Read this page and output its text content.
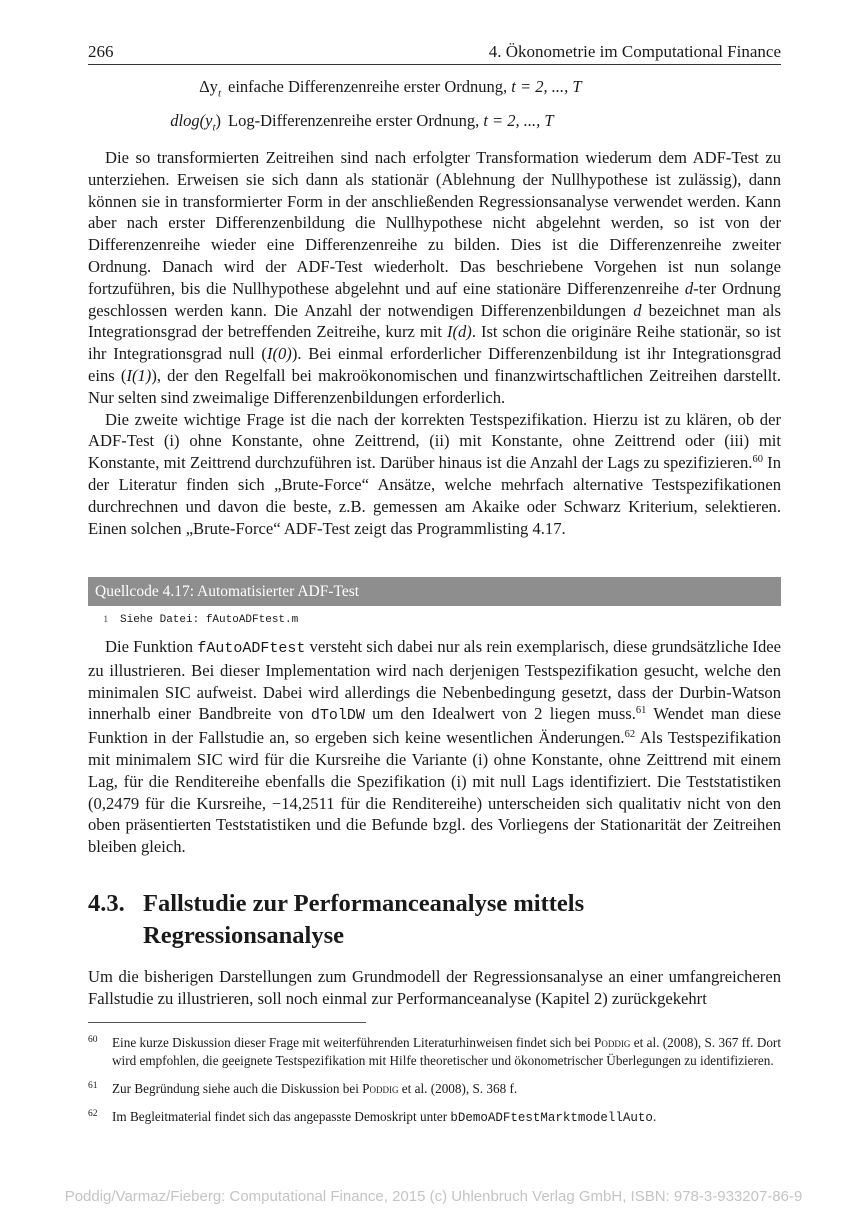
266	4. Ökonometrie im Computational Finance
$\Delta y_t$ einfache Differenzenreihe erster Ordnung, t = 2, ..., T
$dlog(y_t)$ Log-Differenzenreihe erster Ordnung, t = 2, ..., T

Die so transformierten Zeitreihen sind nach erfolgter Transformation wiederum dem ADF-Test zu unterziehen. Erweisen sie sich dann als stationär (Ablehnung der Nullhypothese ist zulässig), dann können sie in transformierter Form in der anschließenden Regressionsanalyse verwendet werden. Kann aber nach erster Differenzenbildung die Nullhypothese nicht abgelehnt werden, so ist von der Differenzenreihe wieder eine Differenzenreihe zu bilden. Dies ist die Differenzenreihe zweiter Ordnung. Danach wird der ADF-Test wiederholt. Das beschriebene Vorgehen ist nun solange fortzuführen, bis die Nullhypothese abgelehnt und auf eine stationäre Differenzenreihe d-ter Ordnung geschlossen werden kann. Die Anzahl der notwendigen Differenzenbildungen d bezeichnet man als Integrationsgrad der betreffenden Zeitreihe, kurz mit I(d). Ist schon die originäre Reihe stationär, so ist ihr Integrationsgrad null (I(0)). Bei einmal erforderlicher Differenzenbildung ist ihr Integrationsgrad eins (I(1)), der den Regelfall bei makroökonomischen und finanzwirtschaftlichen Zeitreihen darstellt. Nur selten sind zweimalige Differenzenbildungen erforderlich.

Die zweite wichtige Frage ist die nach der korrekten Testspezifikation. Hierzu ist zu klären, ob der ADF-Test (i) ohne Konstante, ohne Zeittrend, (ii) mit Konstante, ohne Zeittrend oder (iii) mit Konstante, mit Zeittrend durchzuführen ist. Darüber hinaus ist die Anzahl der Lags zu spezifizieren.$^{60}$ In der Literatur finden sich „Brute-Force“ Ansätze, welche mehrfach alternative Testspezifikationen durchrechnen und davon die beste, z.B. gemessen am Akaike oder Schwarz Kriterium, selektieren. Einen solchen „Brute-Force“ ADF-Test zeigt das Programmlisting 4.17.

Quellcode 4.17: Automatisierter ADF-Test
1 Siehe Datei: fAutoADFtest.m

Die Funktion fAutoADFtest versteht sich dabei nur als rein exemplarisch, diese grundsätzliche Idee zu illustrieren. Bei dieser Implementation wird nach derjenigen Testspezifikation gesucht, welche den minimalen SIC aufweist. Dabei wird allerdings die Nebenbedingung gesetzt, dass der Durbin-Watson innerhalb einer Bandbreite von dTolDW um den Idealwert von 2 liegen muss.$^{61}$ Wendet man diese Funktion in der Fallstudie an, so ergeben sich keine wesentlichen Änderungen.$^{62}$ Als Testspezifikation mit minimalem SIC wird für die Kursreihe die Variante (i) ohne Konstante, ohne Zeittrend mit einem Lag, für die Renditereihe ebenfalls die Spezifikation (i) mit null Lags identifiziert. Die Teststatistiken (0,2479 für die Kursreihe, −14,2511 für die Renditereihe) unterscheiden sich qualitativ nicht von den oben präsentierten Teststatistiken und die Befunde bzgl. des Vorliegens der Stationarität der Zeitreihen bleiben gleich.

4.3. Fallstudie zur Performanceanalyse mittels Regressionsanalyse

Um die bisherigen Darstellungen zum Grundmodell der Regressionsanalyse an einer umfangreicheren Fallstudie zu illustrieren, soll noch einmal zur Performanceanalyse (Kapitel 2) zurückgekehrt

60 Eine kurze Diskussion dieser Frage mit weiterführenden Literaturhinweisen findet sich bei Poddig et al. (2008), S. 367 ff. Dort wird empfohlen, die geeignete Testspezifikation mit Hilfe theoretischer und ökonometrischer Überlegungen zu identifizieren.
61 Zur Begründung siehe auch die Diskussion bei Poddig et al. (2008), S. 368 f.
62 Im Begleitmaterial findet sich das angepasste Demoskript unter bDemoADFtestMarktmodellAuto.
Poddig/Varmaz/Fieberg: Computational Finance, 2015 (c) Uhlenbruch Verlag GmbH, ISBN: 978-3-933207-86-9
